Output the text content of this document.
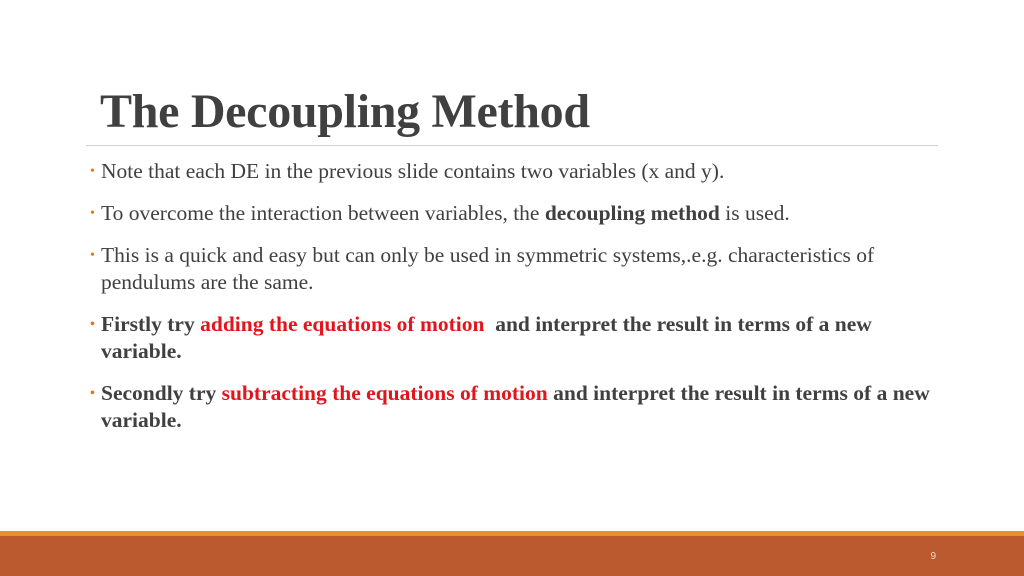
The Decoupling Method
• Note that each DE in the previous slide contains two variables (x and y).
• To overcome the interaction between variables, the decoupling method is used.
• This is a quick and easy but can only be used in symmetric systems,.e.g. characteristics of pendulums are the same.
• Firstly try adding the equations of motion  and interpret the result in terms of a new variable.
• Secondly try subtracting the equations of motion and interpret the result in terms of a new variable.
9
